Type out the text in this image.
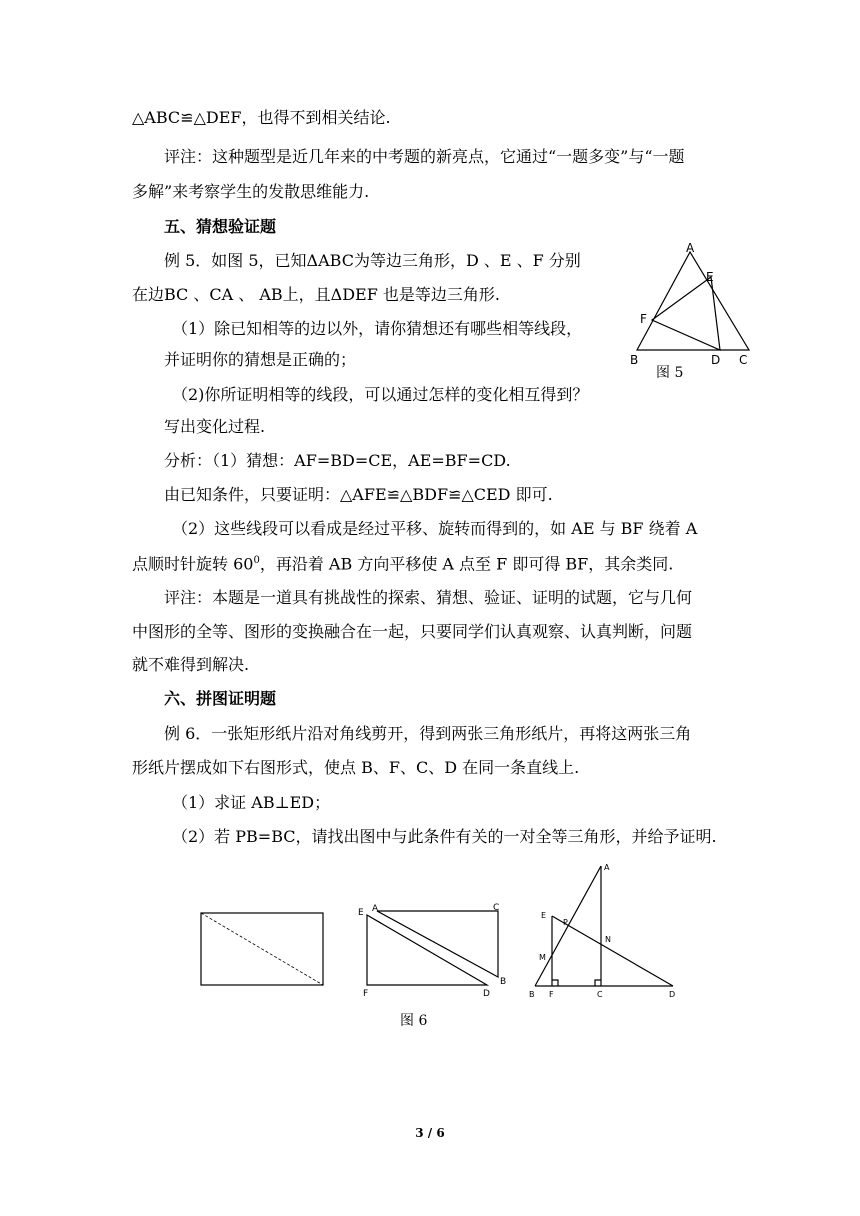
△ABC≌△DEF，也得不到相关结论.
评注：这种题型是近几年来的中考题的新亮点，它通过“一题多变”与“一题
多解”来考察学生的发散思维能力.
五、猜想验证题
例 5．如图 5，已知ΔABC为等边三角形，D 、E 、F 分别
在边BC 、CA 、 AB上，且ΔDEF 也是等边三角形.
（1）除已知相等的边以外，请你猜想还有哪些相等线段，
并证明你的猜想是正确的；
（2)你所证明相等的线段，可以通过怎样的变化相互得到？
写出变化过程.
分析：（1）猜想：AF=BD=CE，AE=BF=CD.
由已知条件，只要证明：△AFE≌△BDF≌△CED 即可.
（2）这些线段可以看成是经过平移、旋转而得到的，如 AE 与 BF 绕着 A
点顺时针旋转 $60^0$，再沿着 AB 方向平移使 A 点至 F 即可得 BF，其余类同.
评注：本题是一道具有挑战性的探索、猜想、验证、证明的试题，它与几何
中图形的全等、图形的变换融合在一起，只要同学们认真观察、认真判断，问题
就不难得到解决.
六、拼图证明题
例 6．一张矩形纸片沿对角线剪开，得到两张三角形纸片，再将这两张三角
形纸片摆成如下右图形式，使点 B、F、C、D 在同一条直线上.
（1）求证 AB⊥ED；
（2）若 PB=BC，请找出图中与此条件有关的一对全等三角形，并给予证明.
A
E
F
B	D C
图 5
E A	C
F	D
B
A
E
P
N
M
B F	C	D
图 6
3 / 6
